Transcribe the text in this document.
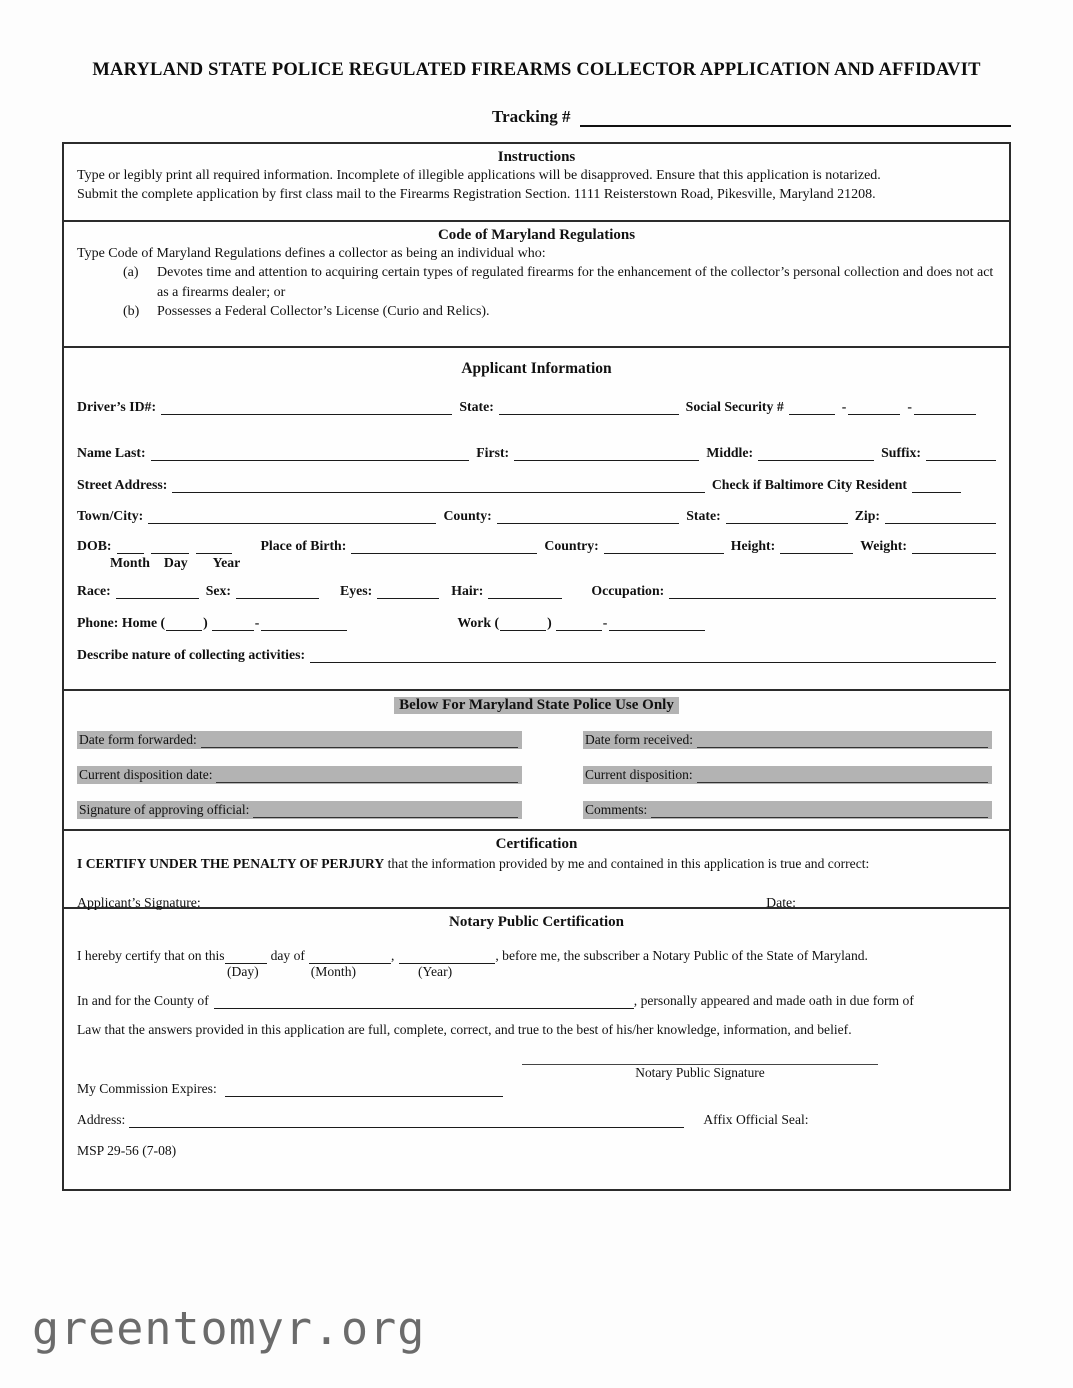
MARYLAND STATE POLICE REGULATED FIREARMS COLLECTOR APPLICATION AND AFFIDAVIT
Tracking #
Instructions
Type or legibly print all required information. Incomplete of illegible applications will be disapproved. Ensure that this application is notarized.
Submit the complete application by first class mail to the Firearms Registration Section. 1111 Reisterstown Road, Pikesville, Maryland 21208.
Code of Maryland Regulations
Type Code of Maryland Regulations defines a collector as being an individual who:
(a)	Devotes time and attention to acquiring certain types of regulated firearms for the enhancement of the collector’s personal collection and does not act as a firearms dealer; or
(b)	Possesses a Federal Collector’s License (Curio and Relics).
Applicant Information
Driver’s ID#:	State:	Social Security #	-	-
Name Last:	First:	Middle:	Suffix:
Street Address:	Check if Baltimore City Resident
Town/City:	County:	State:	Zip:
DOB:	Place of Birth:	Country:	Height:	Weight:
Month Day Year
Race:	Sex:	Eyes:	Hair:	Occupation:
Phone: Home (	)	-	Work (	)	-
Describe nature of collecting activities:
Below For Maryland State Police Use Only
Date form forwarded:	Date form received:
Current disposition date:	Current disposition:
Signature of approving official:	Comments:
Certification
I CERTIFY UNDER THE PENALTY OF PERJURY that the information provided by me and contained in this application is true and correct:
Applicant’s Signature:	Date:
Notary Public Certification
I hereby certify that on this	day of	,	, before me, the subscriber a Notary Public of the State of Maryland.
(Day)	(Month)	(Year)
In and for the County of	, personally appeared and made oath in due form of
Law that the answers provided in this application are full, complete, correct, and true to the best of his/her knowledge, information, and belief.
Notary Public Signature
My Commission Expires:
Address:	Affix Official Seal:
MSP 29-56 (7-08)
greentomyr.org
